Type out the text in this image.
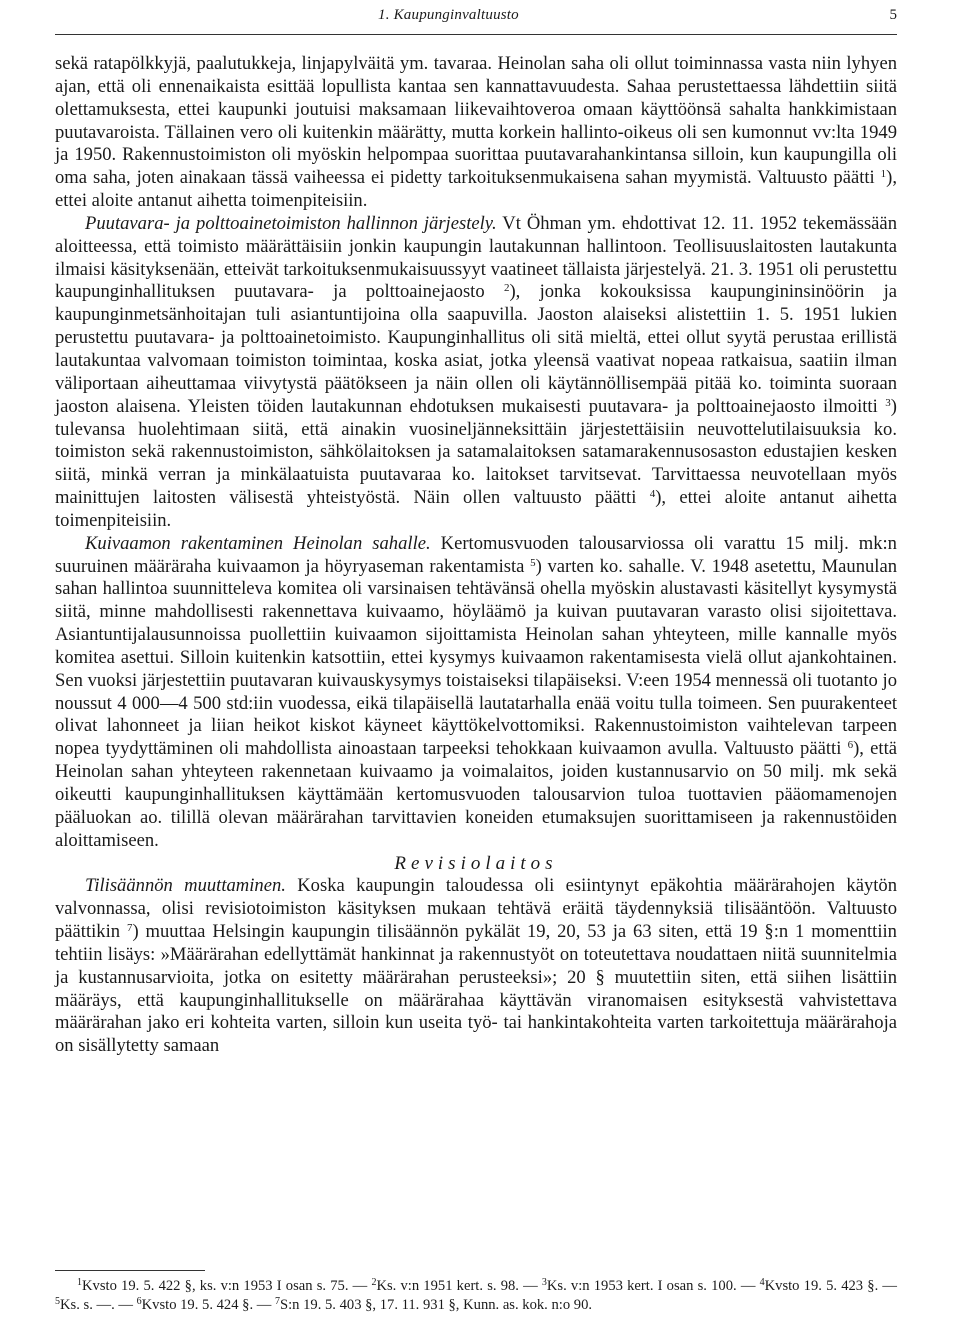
1. Kaupunginvaltuusto	5

sekä ratapölkkyjä, paalutukkeja, linjapylväitä ym. tavaraa. Heinolan saha oli ollut toiminnassa vasta niin lyhyen ajan, että oli ennenaikaista esittää lopullista kantaa sen kannattavuudesta. Sahaa perustettaessa lähdettiin siitä olettamuksesta, ettei kaupunki joutuisi maksamaan liikevaihtoveroa omaan käyttöönsä sahalta hankkimistaan puutavaroista. Tällainen vero oli kuitenkin määrätty, mutta korkein hallinto-oikeus oli sen kumonnut vv:lta 1949 ja 1950. Rakennustoimiston oli myöskin helpompaa suorittaa puutavarahankintansa silloin, kun kaupungilla oli oma saha, joten ainakaan tässä vaiheessa ei pidetty tarkoituksenmukaisena sahan myymistä. Valtuusto päätti $^1$), ettei aloite antanut aihetta toimenpiteisiin.

Puutavara- ja polttoainetoimiston hallinnon järjestely. Vt Öhman ym. ehdottivat 12. 11. 1952 tekemässään aloitteessa, että toimisto määrättäisiin jonkin kaupungin lautakunnan hallintoon. Teollisuuslaitosten lautakunta ilmaisi käsityksenään, etteivät tarkoituksenmukaisuussyyt vaatineet tällaista järjestelyä. 21. 3. 1951 oli perustettu kaupunginhallituksen puutavara- ja polttoainejaosto $^2$), jonka kokouksissa kaupungininsinöörin ja kaupunginmetsänhoitajan tuli asiantuntijoina olla saapuvilla. Jaoston alaiseksi alistettiin 1. 5. 1951 lukien perustettu puutavara- ja polttoainetoimisto. Kaupunginhallitus oli sitä mieltä, ettei ollut syytä perustaa erillistä lautakuntaa valvomaan toimiston toimintaa, koska asiat, jotka yleensä vaativat nopeaa ratkaisua, saatiin ilman väliportaan aiheuttamaa viivytystä päätökseen ja näin ollen oli käytännöllisempää pitää ko. toiminta suoraan jaoston alaisena. Yleisten töiden lautakunnan ehdotuksen mukaisesti puutavara- ja polttoainejaosto ilmoitti $^3$) tulevansa huolehtimaan siitä, että ainakin vuosineljänneksittäin järjestettäisiin neuvottelutilaisuuksia ko. toimiston sekä rakennustoimiston, sähkölaitoksen ja satamalaitoksen satamarakennusosaston edustajien kesken siitä, minkä verran ja minkälaatuista puutavaraa ko. laitokset tarvitsevat. Tarvittaessa neuvotellaan myös mainittujen laitosten välisestä yhteistyöstä. Näin ollen valtuusto päätti $^4$), ettei aloite antanut aihetta toimenpiteisiin.

Kuivaamon rakentaminen Heinolan sahalle. Kertomusvuoden talousarviossa oli varattu 15 milj. mk:n suuruinen määräraha kuivaamon ja höyryaseman rakentamista $^5$) varten ko. sahalle. V. 1948 asetettu, Maunulan sahan hallintoa suunnitteleva komitea oli varsinaisen tehtävänsä ohella myöskin alustavasti käsitellyt kysymystä siitä, minne mahdollisesti rakennettava kuivaamo, höyläämö ja kuivan puutavaran varasto olisi sijoitettava. Asiantuntijalausunnoissa puollettiin kuivaamon sijoittamista Heinolan sahan yhteyteen, mille kannalle myös komitea asettui. Silloin kuitenkin katsottiin, ettei kysymys kuivaamon rakentamisesta vielä ollut ajankohtainen. Sen vuoksi järjestettiin puutavaran kuivauskysymys toistaiseksi tilapäiseksi. V:een 1954 mennessä oli tuotanto jo noussut 4 000—4 500 std:iin vuodessa, eikä tilapäisellä lautatarhalla enää voitu tulla toimeen. Sen puurakenteet olivat lahonneet ja liian heikot kiskot käyneet käyttökelvottomiksi. Rakennustoimiston vaihtelevan tarpeen nopea tyydyttäminen oli mahdollista ainoastaan tarpeeksi tehokkaan kuivaamon avulla. Valtuusto päätti $^6$), että Heinolan sahan yhteyteen rakennetaan kuivaamo ja voimalaitos, joiden kustannusarvio on 50 milj. mk sekä oikeutti kaupunginhallituksen käyttämään kertomusvuoden talousarvion tuloa tuottavien pääomamenojen pääluokan ao. tilillä olevan määrärahan tarvittavien koneiden etumaksujen suorittamiseen ja rakennustöiden aloittamiseen.

Revisiolaitos

Tilisäännön muuttaminen. Koska kaupungin taloudessa oli esiintynyt epäkohtia määrärahojen käytön valvonnassa, olisi revisiotoimiston käsityksen mukaan tehtävä eräitä täydennyksiä tilisääntöön. Valtuusto päättikin $^7$) muuttaa Helsingin kaupungin tilisäännön pykälät 19, 20, 53 ja 63 siten, että 19 §:n 1 momenttiin tehtiin lisäys: »Määrärahan edellyttämät hankinnat ja rakennustyöt on toteutettava noudattaen niitä suunnitelmia ja kustannusarvioita, jotka on esitetty määrärahan perusteeksi»; 20 § muutettiin siten, että siihen lisättiin määräys, että kaupunginhallitukselle on määrärahaa käyttävän viranomaisen esityksestä vahvistettava määrärahan jako eri kohteita varten, silloin kun useita työ- tai hankintakohteita varten tarkoitettuja määrärahoja on sisällytetty samaan

$^1$Kvsto 19. 5. 422 §, ks. v:n 1953 I osan s. 75. — $^2$Ks. v:n 1951 kert. s. 98. — $^3$Ks. v:n 1953 kert. I osan s. 100. — $^4$Kvsto 19. 5. 423 §. — $^5$Ks. s. —. — $^6$Kvsto 19. 5. 424 §. — $^7$S:n 19. 5. 403 §, 17. 11. 931 §, Kunn. as. kok. n:o 90.
